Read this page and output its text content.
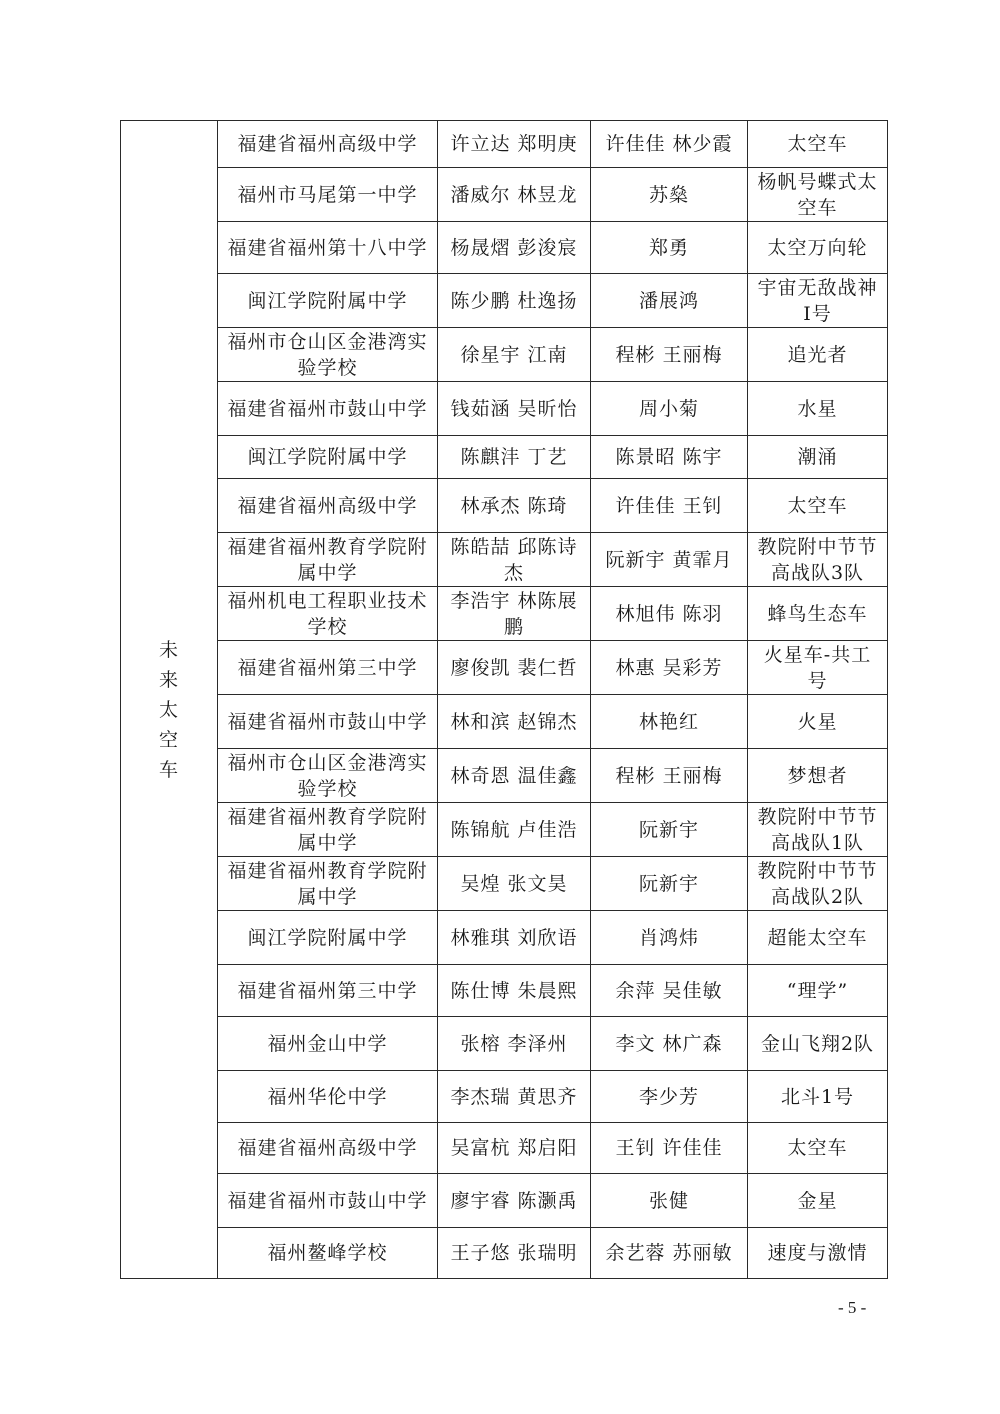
未来太空车	福建省福州高级中学	许立达 郑明庚	许佳佳 林少霞	太空车
	福州市马尾第一中学	潘威尔 林昱龙	苏燊	杨帆号蝶式太空车
	福建省福州第十八中学	杨晟熠 彭浚宸	郑勇	太空万向轮
	闽江学院附属中学	陈少鹏 杜逸扬	潘展鸿	宇宙无敌战神Ⅰ号
	福州市仓山区金港湾实验学校	徐星宇 江南	程彬 王丽梅	追光者
	福建省福州市鼓山中学	钱茹涵 吴昕怡	周小菊	水星
	闽江学院附属中学	陈麒沣 丁艺	陈景昭 陈宇	潮涌
	福建省福州高级中学	林承杰 陈琦	许佳佳 王钊	太空车
	福建省福州教育学院附属中学	陈皓喆 邱陈诗杰	阮新宇 黄霏月	教院附中节节高战队3队
	福州机电工程职业技术学校	李浩宇 林陈展鹏	林旭伟 陈羽	蜂鸟生态车
	福建省福州第三中学	廖俊凯 裴仁哲	林惠 吴彩芳	火星车-共工号
	福建省福州市鼓山中学	林和滨 赵锦杰	林艳红	火星
	福州市仓山区金港湾实验学校	林奇恩 温佳鑫	程彬 王丽梅	梦想者
	福建省福州教育学院附属中学	陈锦航 卢佳浩	阮新宇	教院附中节节高战队1队
	福建省福州教育学院附属中学	吴煌 张文昊	阮新宇	教院附中节节高战队2队
	闽江学院附属中学	林雅琪 刘欣语	肖鸿炜	超能太空车
	福建省福州第三中学	陈仕博 朱晨熙	余萍 吴佳敏	“理学”
	福州金山中学	张榕 李泽州	李文 林广森	金山飞翔2队
	福州华伦中学	李杰瑞 黄思齐	李少芳	北斗1号
	福建省福州高级中学	吴富杭 郑启阳	王钊 许佳佳	太空车
	福建省福州市鼓山中学	廖宇睿 陈灏禹	张健	金星
	福州鳌峰学校	王子悠 张瑞明	余艺蓉 苏丽敏	速度与激情
- 5 -
